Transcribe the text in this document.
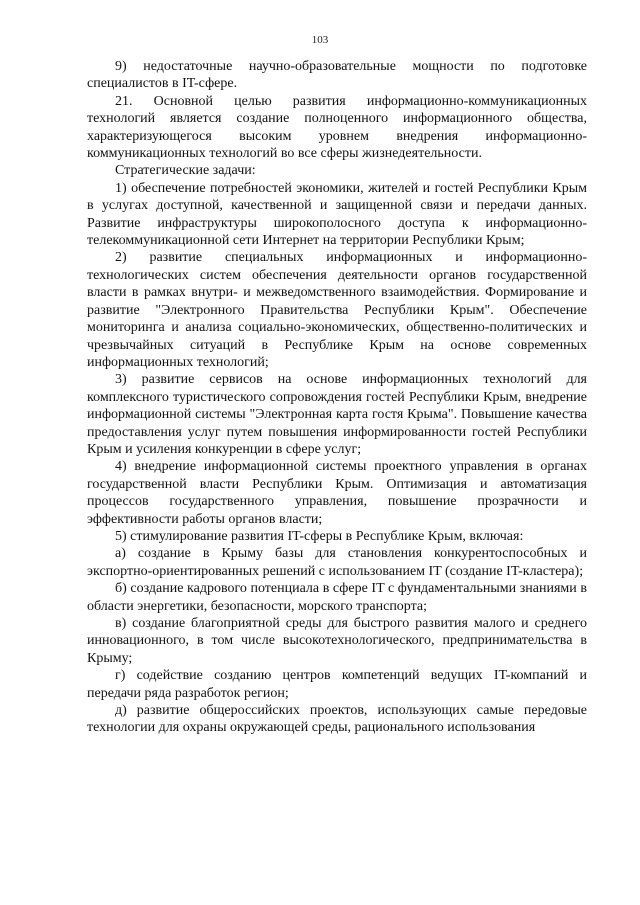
103

9) недостаточные научно-образовательные мощности по подготовке специалистов в IT-сфере.

21. Основной целью развития информационно-коммуникационных технологий является создание полноценного информационного общества, характеризующегося высоким уровнем внедрения информационно-коммуникационных технологий во все сферы жизнедеятельности.

Стратегические задачи:

1) обеспечение потребностей экономики, жителей и гостей Республики Крым в услугах доступной, качественной и защищенной связи и передачи данных. Развитие инфраструктуры широкополосного доступа к информационно-телекоммуникационной сети Интернет на территории Республики Крым;

2) развитие специальных информационных и информационно-технологических систем обеспечения деятельности органов государственной власти в рамках внутри- и межведомственного взаимодействия. Формирование и развитие "Электронного Правительства Республики Крым". Обеспечение мониторинга и анализа социально-экономических, общественно-политических и чрезвычайных ситуаций в Республике Крым на основе современных информационных технологий;

3) развитие сервисов на основе информационных технологий для комплексного туристического сопровождения гостей Республики Крым, внедрение информационной системы "Электронная карта гостя Крыма". Повышение качества предоставления услуг путем повышения информированности гостей Республики Крым и усиления конкуренции в сфере услуг;

4) внедрение информационной системы проектного управления в органах государственной власти Республики Крым. Оптимизация и автоматизация процессов государственного управления, повышение прозрачности и эффективности работы органов власти;

5) стимулирование развития IT-сферы в Республике Крым, включая:

а) создание в Крыму базы для становления конкурентоспособных и экспортно-ориентированных решений с использованием IT (создание IT-кластера);

б) создание кадрового потенциала в сфере IT с фундаментальными знаниями в области энергетики, безопасности, морского транспорта;

в) создание благоприятной среды для быстрого развития малого и среднего инновационного, в том числе высокотехнологического, предпринимательства в Крыму;

г) содействие созданию центров компетенций ведущих IT-компаний и передачи ряда разработок регион;

д) развитие общероссийских проектов, использующих самые передовые технологии для охраны окружающей среды, рационального использования
